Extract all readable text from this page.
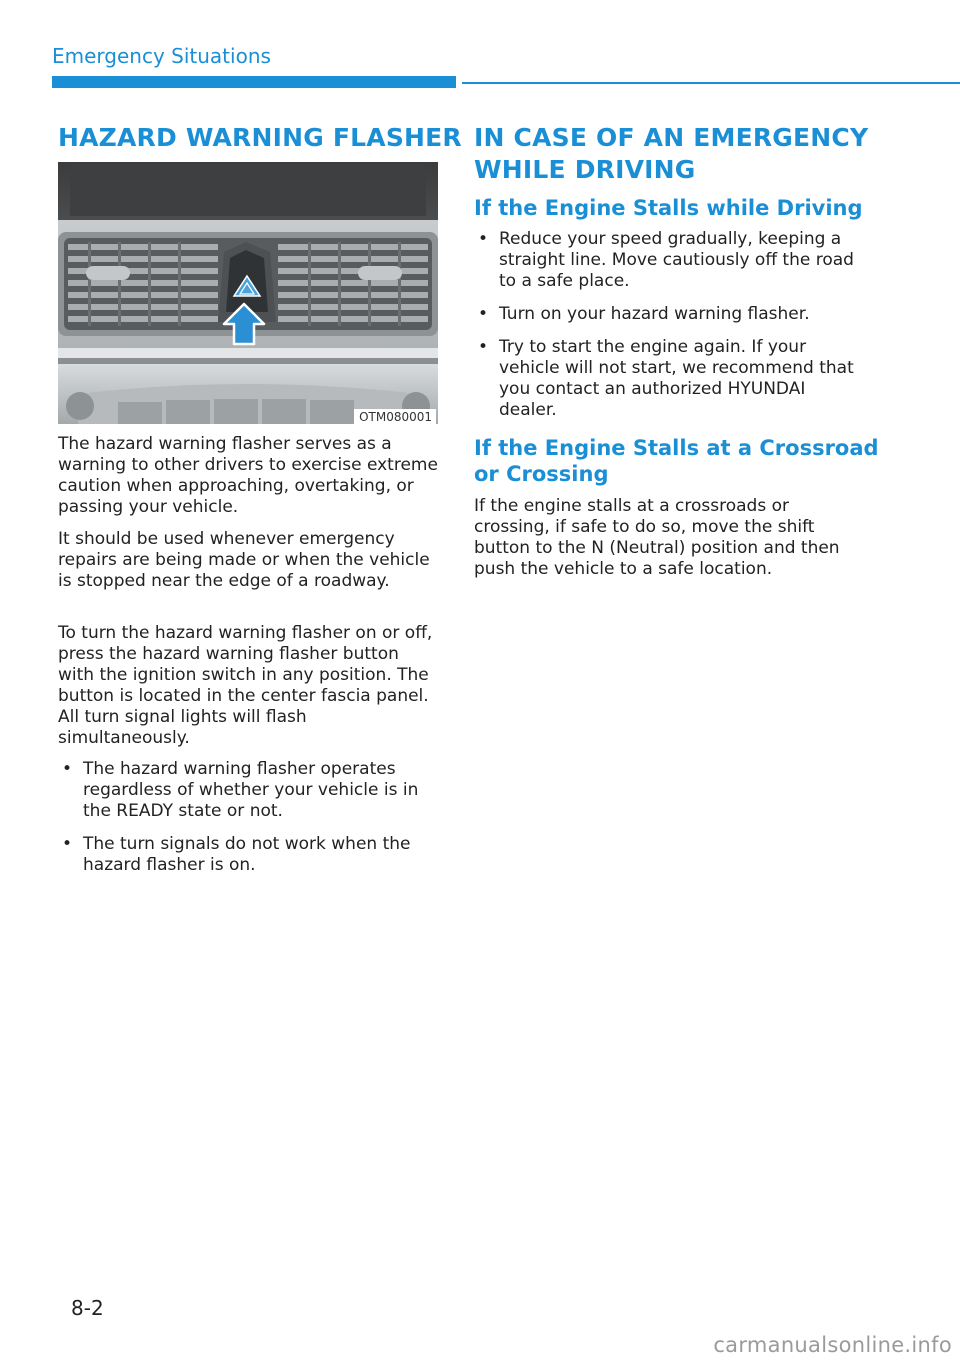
Emergency Situations
HAZARD WARNING FLASHER
OTM080001

The hazard warning flasher serves as a warning to other drivers to exercise extreme caution when approaching, overtaking, or passing your vehicle.

It should be used whenever emergency repairs are being made or when the vehicle is stopped near the edge of a roadway.

To turn the hazard warning flasher on or off, press the hazard warning flasher button with the ignition switch in any position. The button is located in the center fascia panel. All turn signal lights will flash simultaneously.

• The hazard warning flasher operates regardless of whether your vehicle is in the READY state or not.
• The turn signals do not work when the hazard flasher is on.
IN CASE OF AN EMERGENCY
WHILE DRIVING
If the Engine Stalls while Driving
• Reduce your speed gradually, keeping a straight line. Move cautiously off the road to a safe place.
• Turn on your hazard warning flasher.
• Try to start the engine again. If your vehicle will not start, we recommend that you contact an authorized HYUNDAI dealer.
If the Engine Stalls at a Crossroad
or Crossing

If the engine stalls at a crossroads or crossing, if safe to do so, move the shift button to the N (Neutral) position and then push the vehicle to a safe location.

8-2

carmanualsonline.info
